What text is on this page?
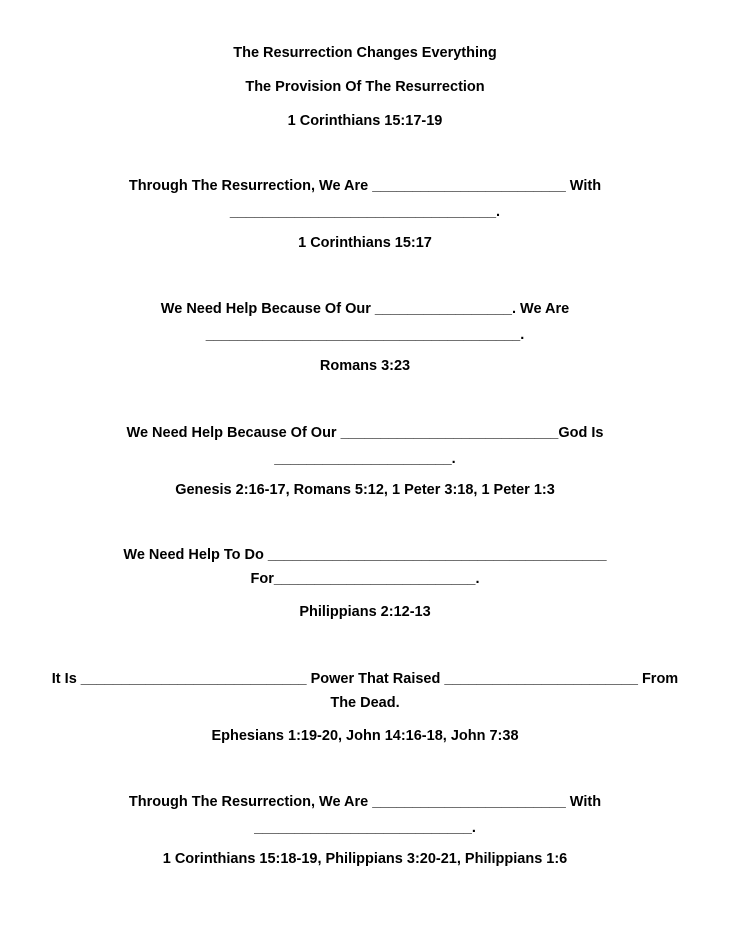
The Resurrection Changes Everything
The Provision Of The Resurrection
1 Corinthians 15:17-19
Through The Resurrection, We Are ________________________ With
_________________________________.
1 Corinthians 15:17
We Need Help Because Of Our _________________. We Are
_______________________________________.
Romans 3:23
We Need Help Because Of Our ___________________________God Is
______________________.
Genesis 2:16-17, Romans 5:12, 1 Peter 3:18, 1 Peter 1:3
We Need Help To Do __________________________________________
For_________________________.
Philippians 2:12-13
It Is ____________________________ Power That Raised ________________________ From
The Dead.
Ephesians 1:19-20, John 14:16-18, John 7:38
Through The Resurrection, We Are ________________________ With
___________________________.
1 Corinthians 15:18-19, Philippians 3:20-21, Philippians 1:6
